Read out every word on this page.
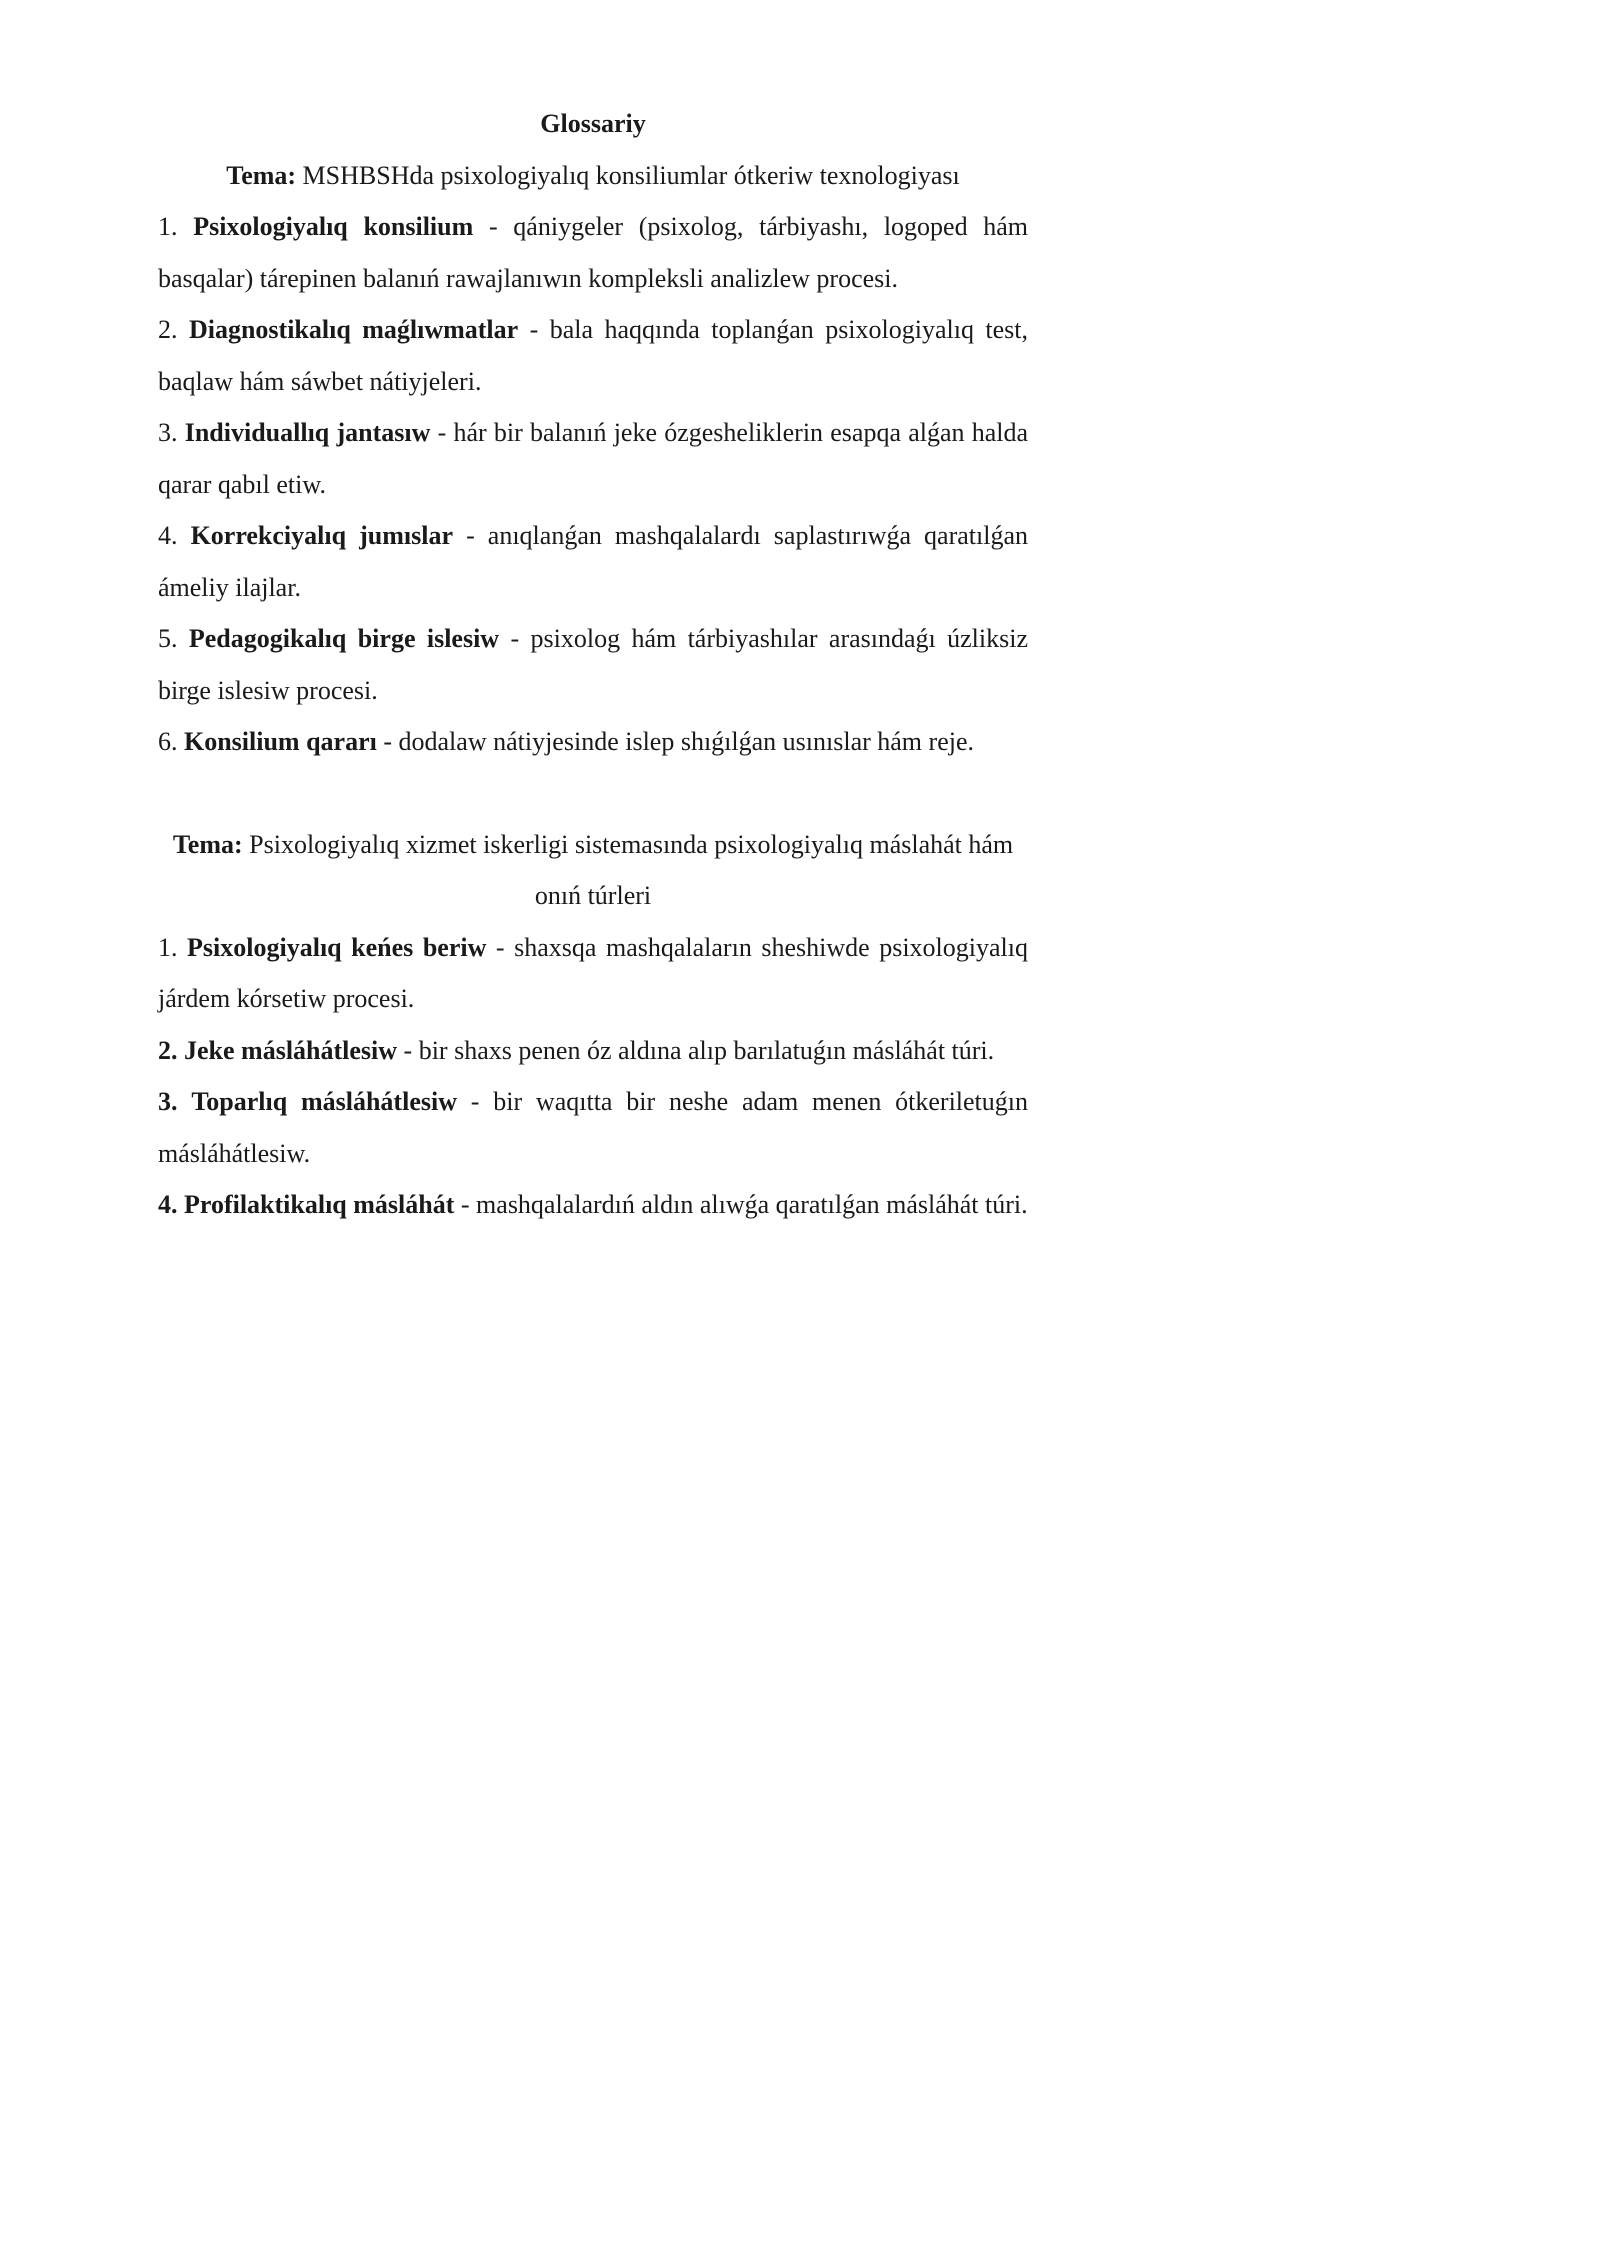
Glossariy
Tema: MSHBSHda psixologiyalıq konsiliumlar ótkeriw texnologiyası
1. Psixologiyalıq konsilium - qániygeler (psixolog, tárbiyashı, logoped hám basqalar) tárepinen balanıń rawajlanıwın kompleksli analizlew procesi.
2. Diagnostikalıq maǵlıwmatlar - bala haqqında toplanǵan psixologiyalıq test, baqlaw hám sáwbet nátiyjeleri.
3. Individuallıq jantasıw - hár bir balanıń jeke ózgesheliklerin esapqa alǵan halda qarar qabıl etiw.
4. Korrekciyalıq jumıslar - anıqlanǵan mashqalalardı saplastırıwǵa qaratılǵan ámeliy ilajlar.
5. Pedagogikalıq birge islesiw - psixolog hám tárbiyashılar arasındaǵı úzliksiz birge islesiw procesi.
6. Konsilium qararı - dodalaw nátiyjesinde islep shıǵılǵan usınıslar hám reje.
Tema: Psixologiyalıq xizmet iskerligi sistemasında psixologiyalıq máslahát hám onıń túrleri
1. Psixologiyalıq keńes beriw - shaxsqa mashqalaların sheshiwde psixologiyalıq járdem kórsetiw procesi.
2. Jeke másláhátlesiw - bir shaxs penen óz aldına alıp barılatuǵın másláhát túri.
3. Toparlıq másláhátlesiw - bir waqıtta bir neshe adam menen ótkeriletuǵın másláhátlesiw.
4. Profilaktikalıq másláhát - mashqalalardıń aldın alıwǵa qaratılǵan másláhát túri.
